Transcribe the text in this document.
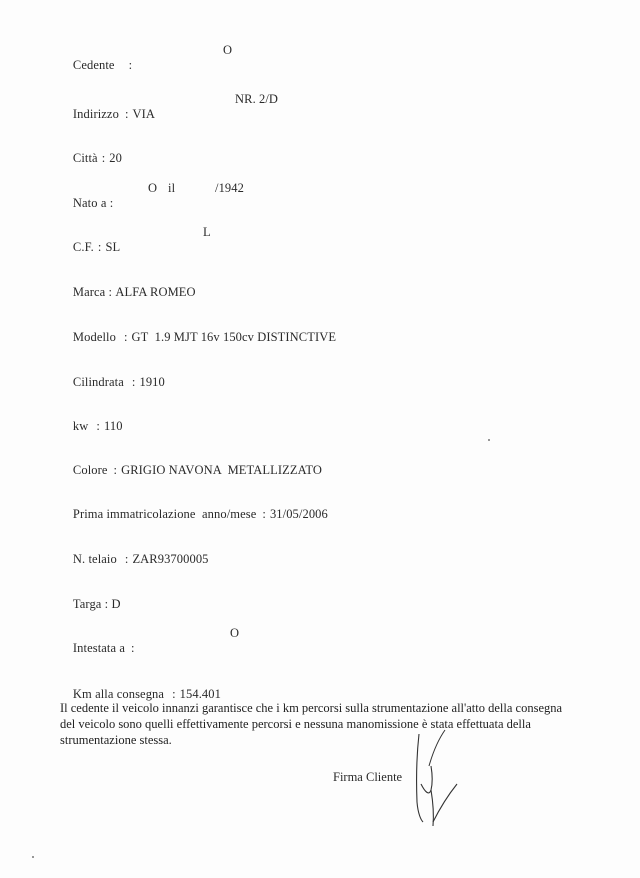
Cedente :

O

Indirizzo : VIA

NR. 2/D

Città : 20

Nato a :

O

il

	/1942

C.F. : SL

L

Marca : ALFA ROMEO

Modello : GT  1.9 MJT 16v 150cv DISTINCTIVE

Cilindrata : 1910

kw : 110

Colore : GRIGIO NAVONA  METALLIZZATO

Prima immatricolazione  anno/mese : 31/05/2006

N. telaio : ZAR93700005

Targa : D

Intestata a :

O

Km alla consegna : 154.401

Il cedente il veicolo innanzi garantisce che i km percorsi sulla strumentazione all'atto della consegna del veicolo sono quelli effettivamente percorsi e nessuna manomissione è stata effettuata della strumentazione stessa.
Firma Cliente
